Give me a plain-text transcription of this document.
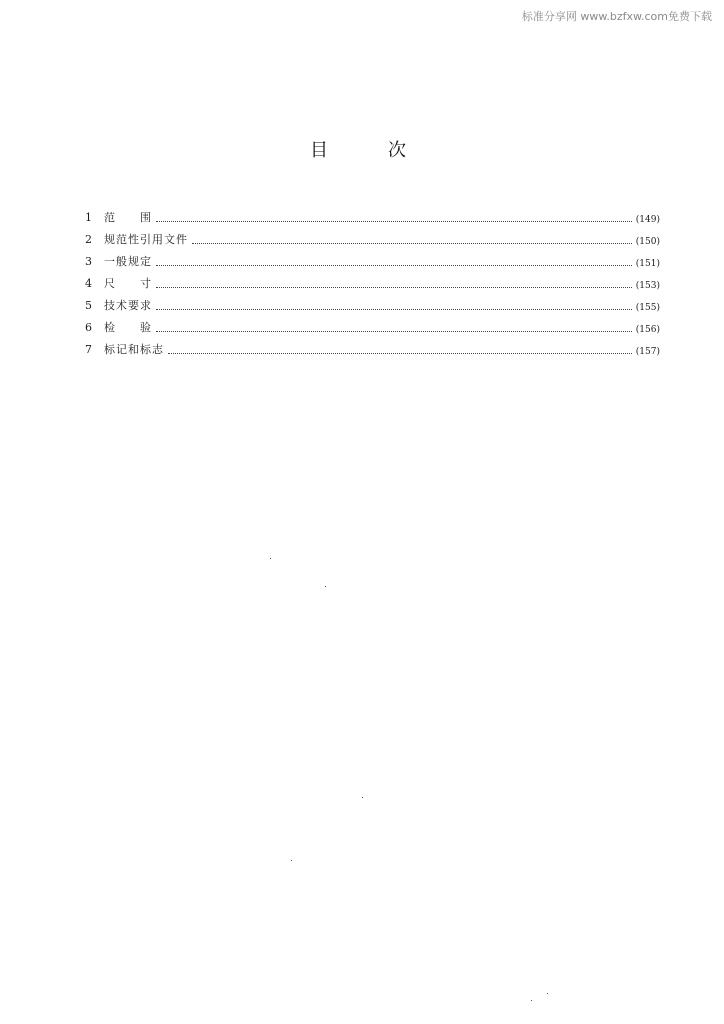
标准分享网 www.bzfxw.com免费下载
目　　次
1	范　　围	(149)
2	规范性引用文件	(150)
3	一般规定	(151)
4	尺　　寸	(153)
5	技术要求	(155)
6	检　　验	(156)
7	标记和标志	(157)
